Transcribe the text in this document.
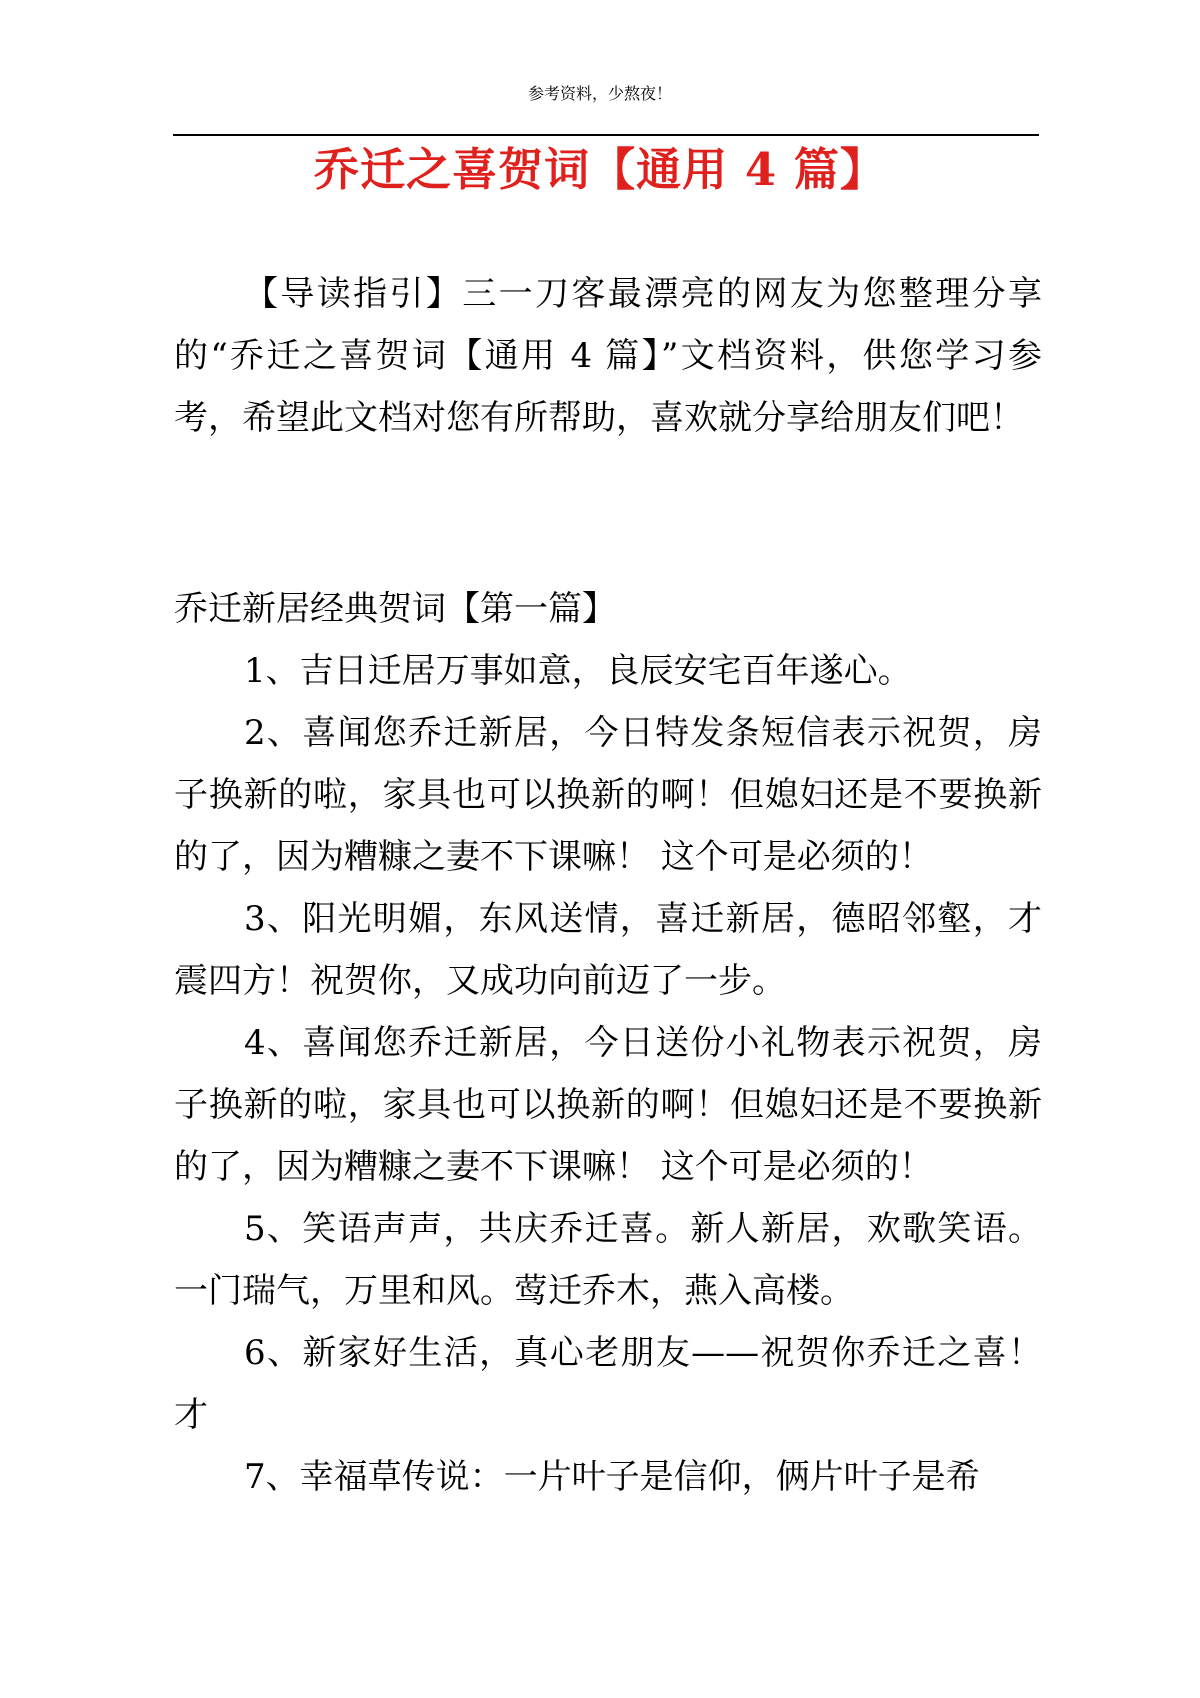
参考资料，少熬夜！
乔迁之喜贺词【通用 4 篇】

【导读指引】三一刀客最漂亮的网友为您整理分享的“乔迁之喜贺词【通用 4 篇】”文档资料，供您学习参考，希望此文档对您有所帮助，喜欢就分享给朋友们吧！

乔迁新居经典贺词【第一篇】

1、吉日迁居万事如意，良辰安宅百年遂心。

2、喜闻您乔迁新居，今日特发条短信表示祝贺，房子换新的啦，家具也可以换新的啊！但媳妇还是不要换新的了，因为糟糠之妻不下课嘛！ 这个可是必须的！

3、阳光明媚，东风送情，喜迁新居，德昭邻壑，才震四方！祝贺你，又成功向前迈了一步。

4、喜闻您乔迁新居，今日送份小礼物表示祝贺，房子换新的啦，家具也可以换新的啊！但媳妇还是不要换新的了，因为糟糠之妻不下课嘛！ 这个可是必须的！

5、笑语声声，共庆乔迁喜。新人新居，欢歌笑语。一门瑞气，万里和风。莺迁乔木，燕入高楼。

6、新家好生活，真心老朋友——祝贺你乔迁之喜！才

7、幸福草传说：一片叶子是信仰，俩片叶子是希
